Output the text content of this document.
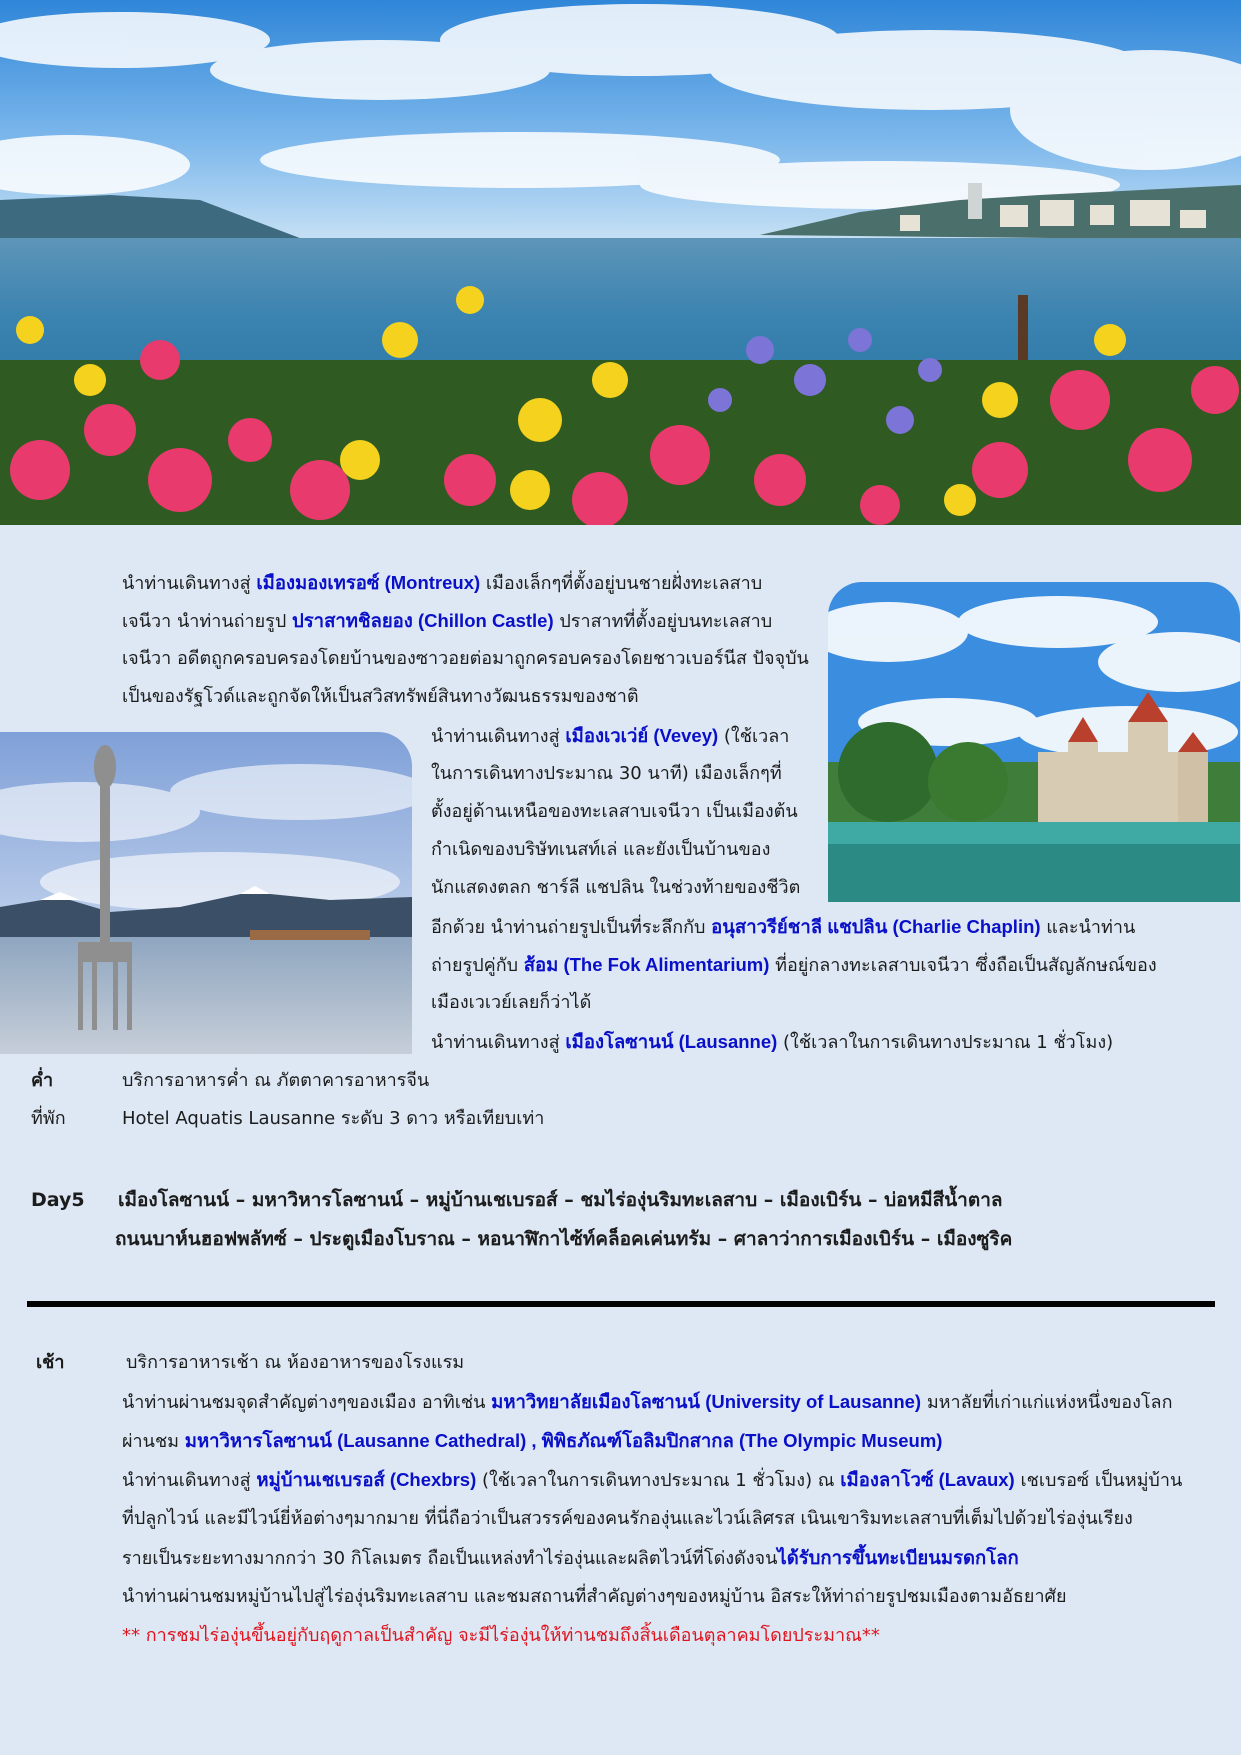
นำท่านเดินทางสู่ เมืองมองเทรอซ์ (Montreux) เมืองเล็กๆที่ตั้งอยู่บนชายฝั่งทะเลสาบ
เจนีวา นำท่านถ่ายรูป ปราสาทชิลยอง (Chillon Castle) ปราสาทที่ตั้งอยู่บนทะเลสาบ
เจนีวา อดีตถูกครอบครองโดยบ้านของซาวอยต่อมาถูกครอบครองโดยชาวเบอร์นีส ปัจจุบัน
เป็นของรัฐโวด์และถูกจัดให้เป็นสวิสทรัพย์สินทางวัฒนธรรมของชาติ
นำท่านเดินทางสู่ เมืองเวเว่ย์ (Vevey) (ใช้เวลา
ในการเดินทางประมาณ 30 นาที) เมืองเล็กๆที่
ตั้งอยู่ด้านเหนือของทะเลสาบเจนีวา เป็นเมืองต้น
กำเนิดของบริษัทเนสท์เล่ และยังเป็นบ้านของ
นักแสดงตลก ชาร์ลี แชปลิน ในช่วงท้ายของชีวิต
อีกด้วย นำท่านถ่ายรูปเป็นที่ระลึกกับ อนุสาวรีย์ชาลี แชปลิน (Charlie Chaplin) และนำท่าน
ถ่ายรูปคู่กับ ส้อม (The Fok Alimentarium) ที่อยู่กลางทะเลสาบเจนีวา ซึ่งถือเป็นสัญลักษณ์ของ
เมืองเวเวย์เลยก็ว่าได้
นำท่านเดินทางสู่ เมืองโลซานน์ (Lausanne) (ใช้เวลาในการเดินทางประมาณ 1 ชั่วโมง)
ค่ำ	บริการอาหารค่ำ ณ ภัตตาคารอาหารจีน
ที่พัก	Hotel Aquatis Lausanne ระดับ 3 ดาว หรือเทียบเท่า
Day5 เมืองโลซานน์ – มหาวิหารโลซานน์ – หมู่บ้านเชเบรอส์ – ชมไร่องุ่นริมทะเลสาบ – เมืองเบิร์น – บ่อหมีสีน้ำตาล
ถนนบาห์นฮอฟพลัทซ์ – ประตูเมืองโบราณ – หอนาฬิกาไซ้ท์คล็อคเค่นทรัม – ศาลาว่าการเมืองเบิร์น – เมืองซูริค
เช้า	บริการอาหารเช้า ณ ห้องอาหารของโรงแรม
นำท่านผ่านชมจุดสำคัญต่างๆของเมือง อาทิเช่น มหาวิทยาลัยเมืองโลซานน์ (University of Lausanne) มหาลัยที่เก่าแก่แห่งหนึ่งของโลก
ผ่านชม มหาวิหารโลซานน์ (Lausanne Cathedral) , พิพิธภัณฑ์โอลิมปิกสากล (The Olympic Museum)
นำท่านเดินทางสู่ หมู่บ้านเชเบรอส์ (Chexbrs) (ใช้เวลาในการเดินทางประมาณ 1 ชั่วโมง) ณ เมืองลาโวซ์ (Lavaux) เชเบรอซ์ เป็นหมู่บ้าน
ที่ปลูกไวน์ และมีไวน์ยี่ห้อต่างๆมากมาย ที่นี่ถือว่าเป็นสวรรค์ของคนรักองุ่นและไวน์เลิศรส เนินเขาริมทะเลสาบที่เต็มไปด้วยไร่องุ่นเรียง
รายเป็นระยะทางมากกว่า 30 กิโลเมตร ถือเป็นแหล่งทำไร่องุ่นและผลิตไวน์ที่โด่งดังจนได้รับการขึ้นทะเบียนมรดกโลก
นำท่านผ่านชมหมู่บ้านไปสู่ไร่องุ่นริมทะเลสาบ และชมสถานที่สำคัญต่างๆของหมู่บ้าน อิสระให้ท่าถ่ายรูปชมเมืองตามอัธยาศัย
** การชมไร่องุ่นขึ้นอยู่กับฤดูกาลเป็นสำคัญ จะมีไร่องุ่นให้ท่านชมถึงสิ้นเดือนตุลาคมโดยประมาณ**
